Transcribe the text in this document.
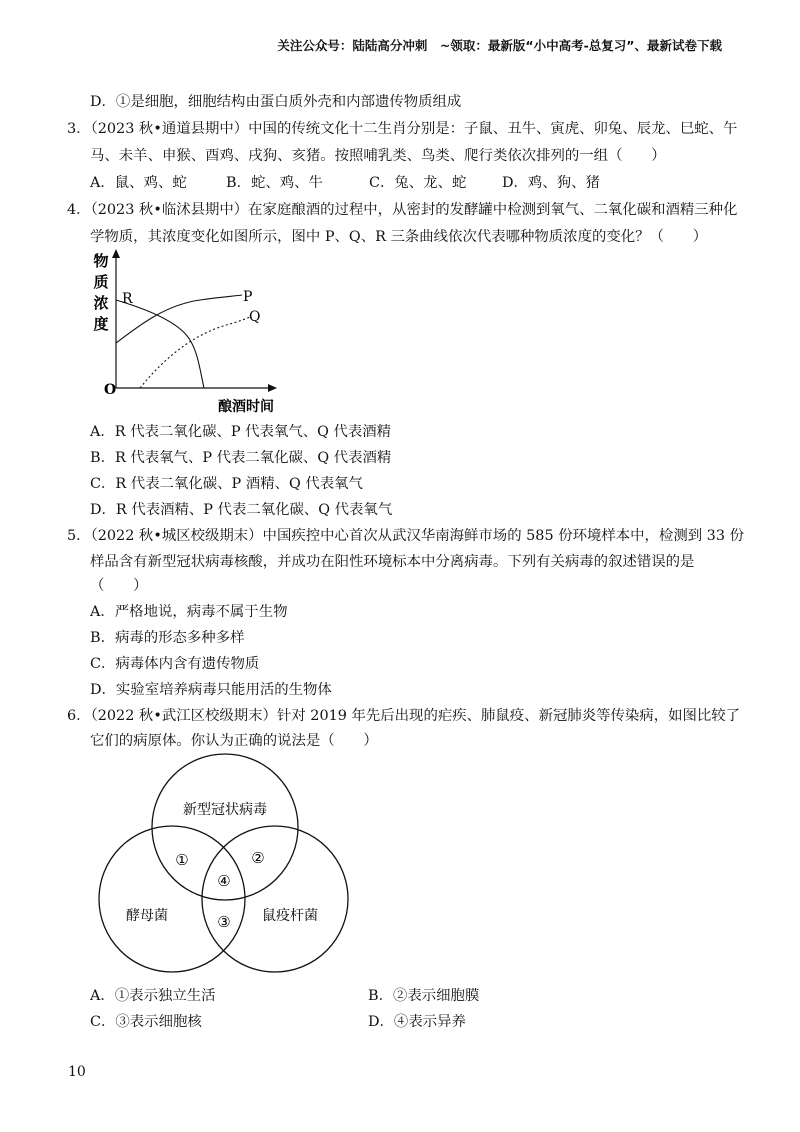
关注公众号：陆陆高分冲刺　~领取：最新版“小中高考-总复习”、最新试卷下载
D．①是细胞，细胞结构由蛋白质外壳和内部遗传物质组成
3．（2023 秋•通道县期中）中国的传统文化十二生肖分别是：子鼠、丑牛、寅虎、卯兔、辰龙、巳蛇、午
马、未羊、申猴、酉鸡、戌狗、亥猪。按照哺乳类、鸟类、爬行类依次排列的一组（　　）
A．鼠、鸡、蛇	B．蛇、鸡、牛	C．兔、龙、蛇 D．鸡、狗、猪
4．（2023 秋•临沭县期中）在家庭酿酒的过程中，从密封的发酵罐中检测到氧气、二氧化碳和酒精三种化
学物质，其浓度变化如图所示，图中 P、Q、R 三条曲线依次代表哪种物质浓度的变化？（　　）
物
质
浓
度
O
酿酒时间
R	P
Q
A．R 代表二氧化碳、P 代表氧气、Q 代表酒精
B．R 代表氧气、P 代表二氧化碳、Q 代表酒精
C．R 代表二氧化碳、P 酒精、Q 代表氧气
D．R 代表酒精、P 代表二氧化碳、Q 代表氧气
5．（2022 秋•城区校级期末）中国疾控中心首次从武汉华南海鲜市场的 585 份环境样本中，检测到 33 份
样品含有新型冠状病毒核酸，并成功在阳性环境标本中分离病毒。下列有关病毒的叙述错误的是
（　　）
A．严格地说，病毒不属于生物
B．病毒的形态多种多样
C．病毒体内含有遗传物质
D．实验室培养病毒只能用活的生物体
6．（2022 秋•武江区校级期末）针对 2019 年先后出现的疟疾、肺鼠疫、新冠肺炎等传染病，如图比较了
它们的病原体。你认为正确的说法是（　　）
新型冠状病毒
酵母菌	鼠疫杆菌
①	②
③
④
A．①表示独立生活	B．②表示细胞膜
C．③表示细胞核	D．④表示异养
10
